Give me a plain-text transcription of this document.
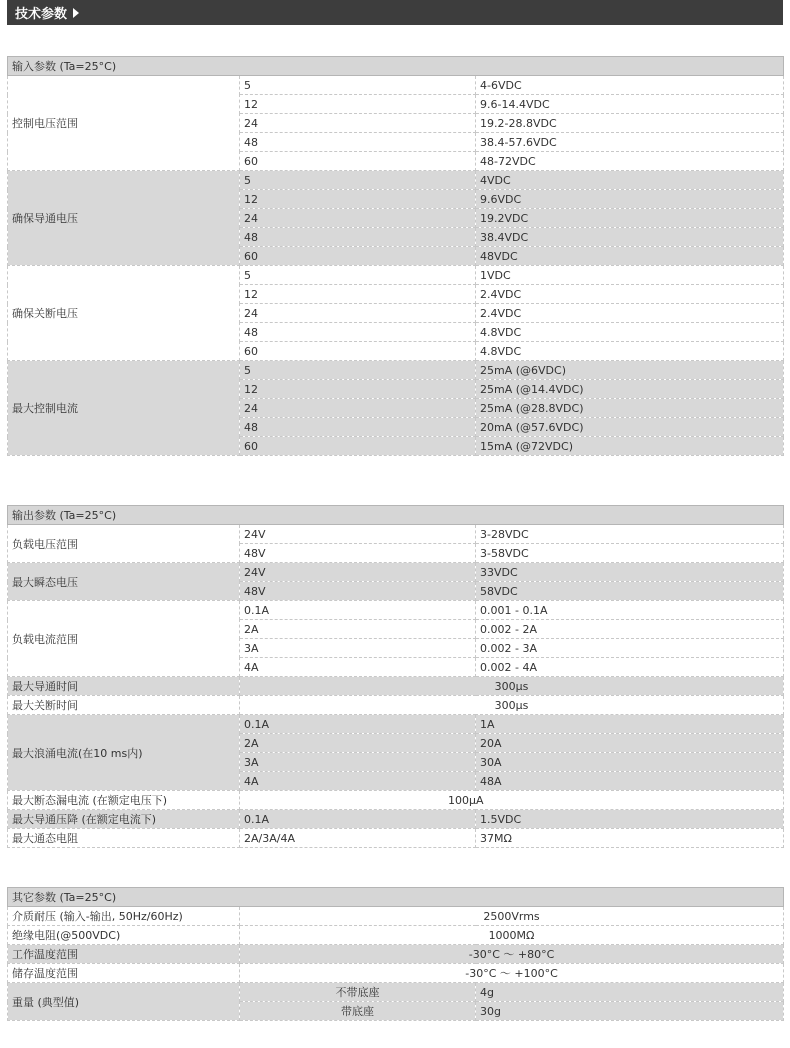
技术参数
输入参数 (Ta=25°C)		
控制电压范围	5	4-6VDC
	12	9.6-14.4VDC
	24	19.2-28.8VDC
	48	38.4-57.6VDC
	60	48-72VDC
确保导通电压	5	4VDC
	12	9.6VDC
	24	19.2VDC
	48	38.4VDC
	60	48VDC
确保关断电压	5	1VDC
	12	2.4VDC
	24	2.4VDC
	48	4.8VDC
	60	4.8VDC
最大控制电流	5	25mA (@6VDC)
	12	25mA (@14.4VDC)
	24	25mA (@28.8VDC)
	48	20mA (@57.6VDC)
	60	15mA (@72VDC)
输出参数 (Ta=25°C)		
负载电压范围	24V	3-28VDC
	48V	3-58VDC
最大瞬态电压	24V	33VDC
	48V	58VDC
负载电流范围	0.1A	0.001 - 0.1A
	2A	0.002 - 2A
	3A	0.002 - 3A
	4A	0.002 - 4A
最大导通时间	300μs	
最大关断时间	300μs	
最大浪涌电流(在10 ms内)	0.1A	1A
	2A	20A
	3A	30A
	4A	48A
最大断态漏电流 (在额定电压下)	100μA	
最大导通压降 (在额定电流下)	0.1A	1.5VDC
最大通态电阻	2A/3A/4A	37MΩ
其它参数 (Ta=25°C)		
介质耐压 (输入-输出, 50Hz/60Hz)	2500Vrms	
绝缘电阻(@500VDC)	1000MΩ	
工作温度范围	-30°C ～ +80°C	
储存温度范围	-30°C ～ +100°C	
重量 (典型值)	不带底座	4g
	带底座	30g
